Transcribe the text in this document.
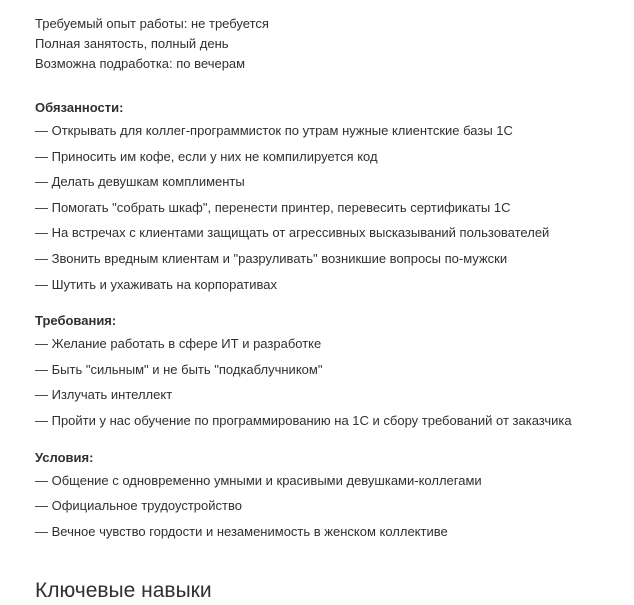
Требуемый опыт работы: не требуется
Полная занятость, полный день
Возможна подработка: по вечерам
Обязанности:
— Открывать для коллег-программисток по утрам нужные клиентские базы 1С
— Приносить им кофе, если у них не компилируется код
— Делать девушкам комплименты
— Помогать "собрать шкаф", перенести принтер, перевесить сертификаты 1С
— На встречах с клиентами защищать от агрессивных высказываний пользователей
— Звонить вредным клиентам и "разруливать" возникшие вопросы по-мужски
— Шутить и ухаживать на корпоративах
Требования:
— Желание работать в сфере ИТ и разработке
— Быть "сильным" и не быть "подкаблучником"
— Излучать интеллект
— Пройти у нас обучение по программированию на 1С и сбору требований от заказчика
Условия:
— Общение с одновременно умными и красивыми девушками-коллегами
— Официальное трудоустройство
— Вечное чувство гордости и незаменимость в женском коллективе
Ключевые навыки
